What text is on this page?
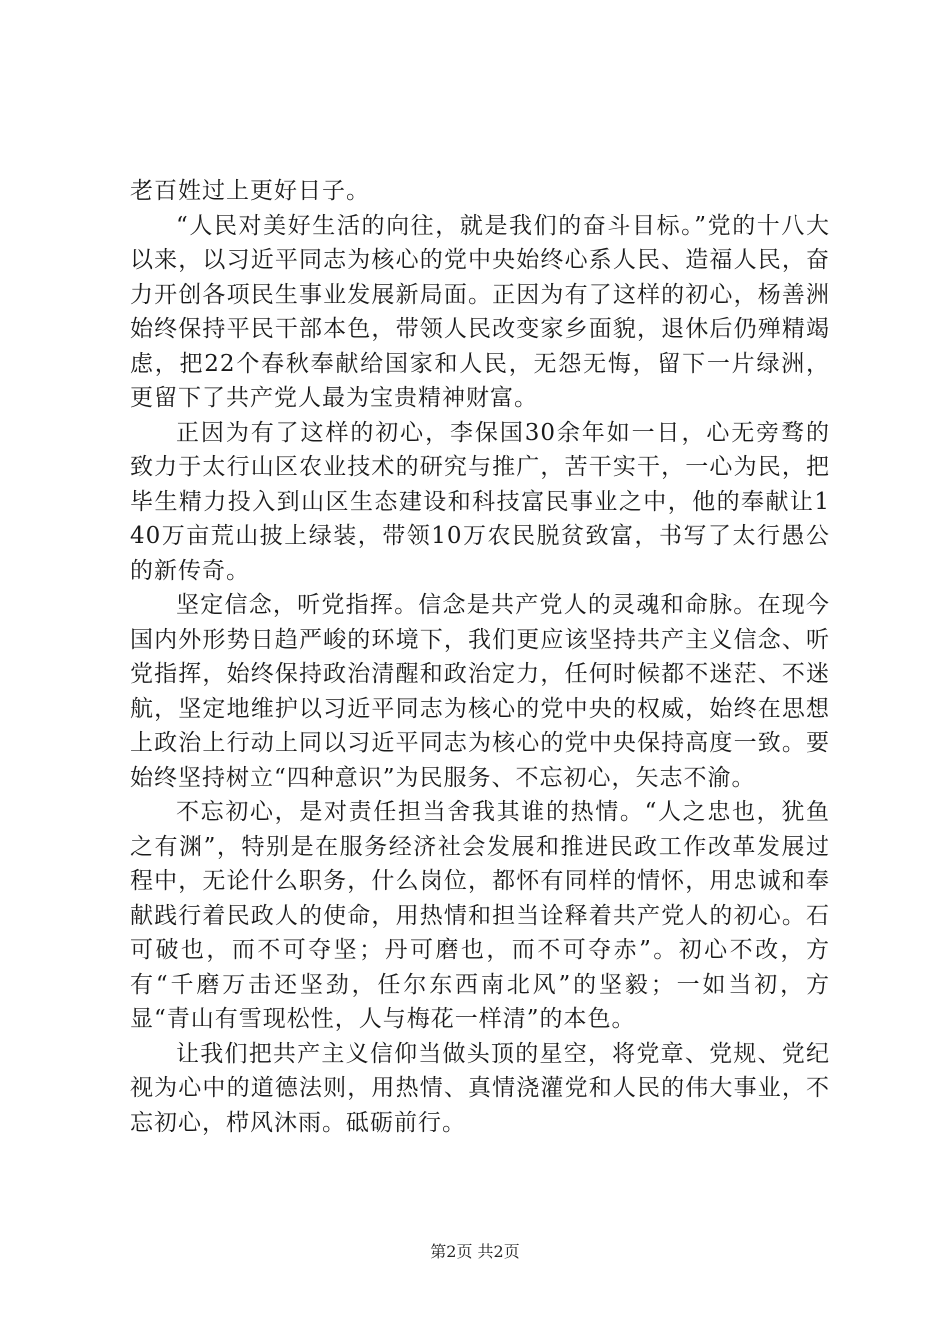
老百姓过上更好日子。

“人民对美好生活的向往，就是我们的奋斗目标。”党的十八大以来，以习近平同志为核心的党中央始终心系人民、造福人民，奋力开创各项民生事业发展新局面。正因为有了这样的初心，杨善洲始终保持平民干部本色，带领人民改变家乡面貌，退休后仍殚精竭虑，把22个春秋奉献给国家和人民，无怨无悔，留下一片绿洲，更留下了共产党人最为宝贵精神财富。

正因为有了这样的初心，李保国30余年如一日，心无旁骛的致力于太行山区农业技术的研究与推广，苦干实干，一心为民，把毕生精力投入到山区生态建设和科技富民事业之中，他的奉献让140万亩荒山披上绿装，带领10万农民脱贫致富，书写了太行愚公的新传奇。

坚定信念，听党指挥。信念是共产党人的灵魂和命脉。在现今国内外形势日趋严峻的环境下，我们更应该坚持共产主义信念、听党指挥，始终保持政治清醒和政治定力，任何时候都不迷茫、不迷航，坚定地维护以习近平同志为核心的党中央的权威，始终在思想上政治上行动上同以习近平同志为核心的党中央保持高度一致。要始终坚持树立“四种意识”为民服务、不忘初心，矢志不渝。

不忘初心，是对责任担当舍我其谁的热情。“人之忠也，犹鱼之有渊”，特别是在服务经济社会发展和推进民政工作改革发展过程中，无论什么职务，什么岗位，都怀有同样的情怀，用忠诚和奉献践行着民政人的使命，用热情和担当诠释着共产党人的初心。石可破也，而不可夺坚；丹可磨也，而不可夺赤”。初心不改，方有“千磨万击还坚劲，任尔东西南北风”的坚毅；一如当初，方显“青山有雪现松性，人与梅花一样清”的本色。

让我们把共产主义信仰当做头顶的星空，将党章、党规、党纪视为心中的道德法则，用热情、真情浇灌党和人民的伟大事业，不忘初心，栉风沐雨。砥砺前行。

第2页 共2页
